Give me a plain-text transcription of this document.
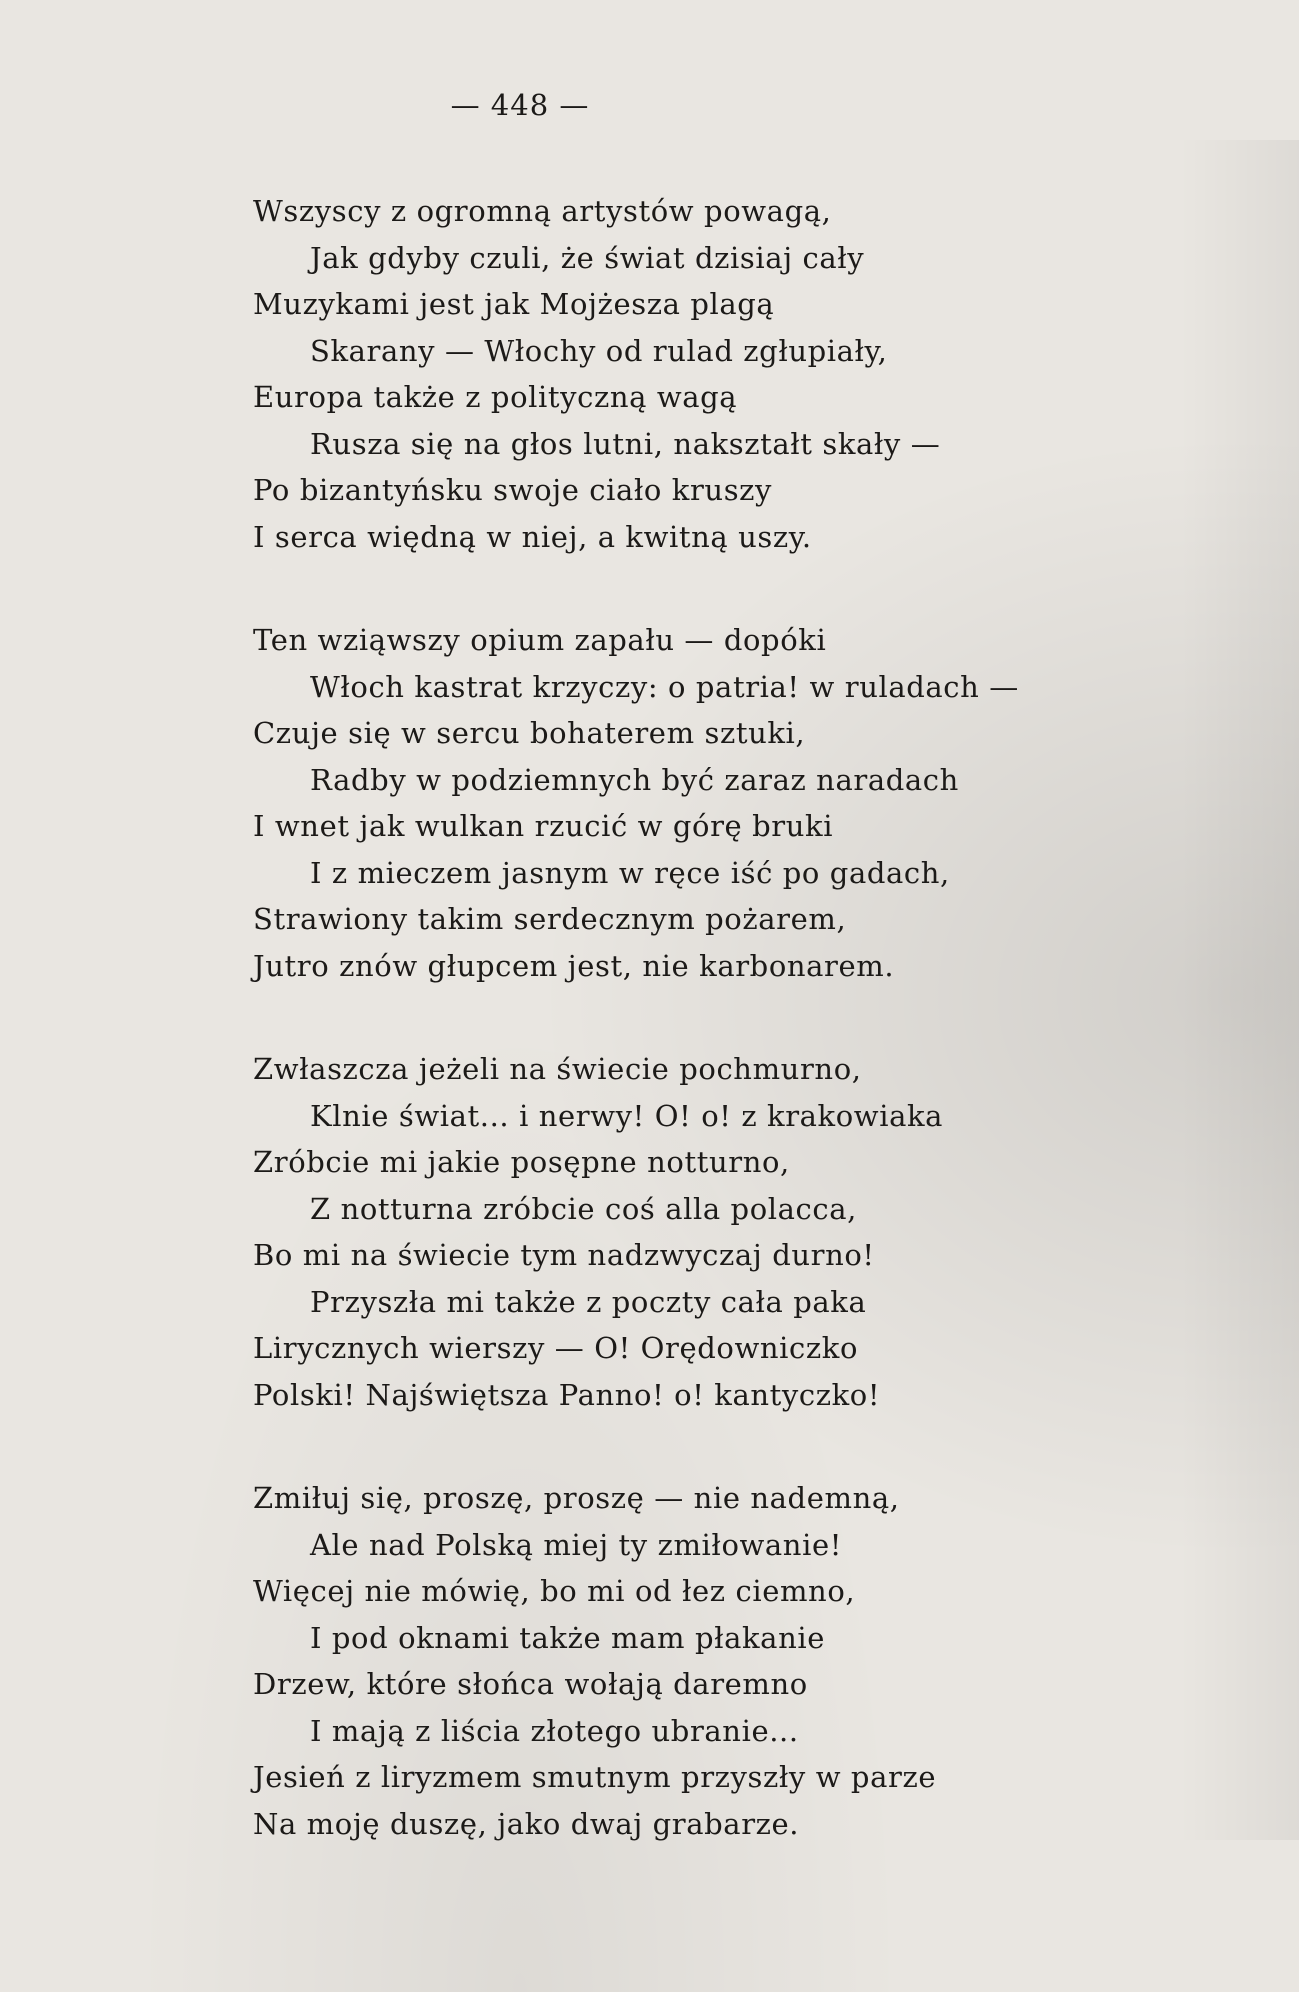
— 448 —
Wszyscy z ogromną artystów powagą,
Jak gdyby czuli, że świat dzisiaj cały
Muzykami jest jak Mojżesza plagą
Skarany — Włochy od rulad zgłupiały,
Europa także z polityczną wagą
Rusza się na głos lutni, nakształt skały —
Po bizantyńsku swoje ciało kruszy
I serca więdną w niej, a kwitną uszy.
Ten wziąwszy opium zapału — dopóki
Włoch kastrat krzyczy: o patria! w ruladach —
Czuje się w sercu bohaterem sztuki,
Radby w podziemnych być zaraz naradach
I wnet jak wulkan rzucić w górę bruki
I z mieczem jasnym w ręce iść po gadach,
Strawiony takim serdecznym pożarem,
Jutro znów głupcem jest, nie karbonarem.
Zwłaszcza jeżeli na świecie pochmurno,
Klnie świat... i nerwy! O! o! z krakowiaka
Zróbcie mi jakie posępne notturno,
Z notturna zróbcie coś alla polacca,
Bo mi na świecie tym nadzwyczaj durno!
Przyszła mi także z poczty cała paka
Lirycznych wierszy — O! Orędowniczko
Polski! Najświętsza Panno! o! kantyczko!
Zmiłuj się, proszę, proszę — nie nademną,
Ale nad Polską miej ty zmiłowanie!
Więcej nie mówię, bo mi od łez ciemno,
I pod oknami także mam płakanie
Drzew, które słońca wołają daremno
I mają z liścia złotego ubranie...
Jesień z liryzmem smutnym przyszły w parze
Na moję duszę, jako dwaj grabarze.
